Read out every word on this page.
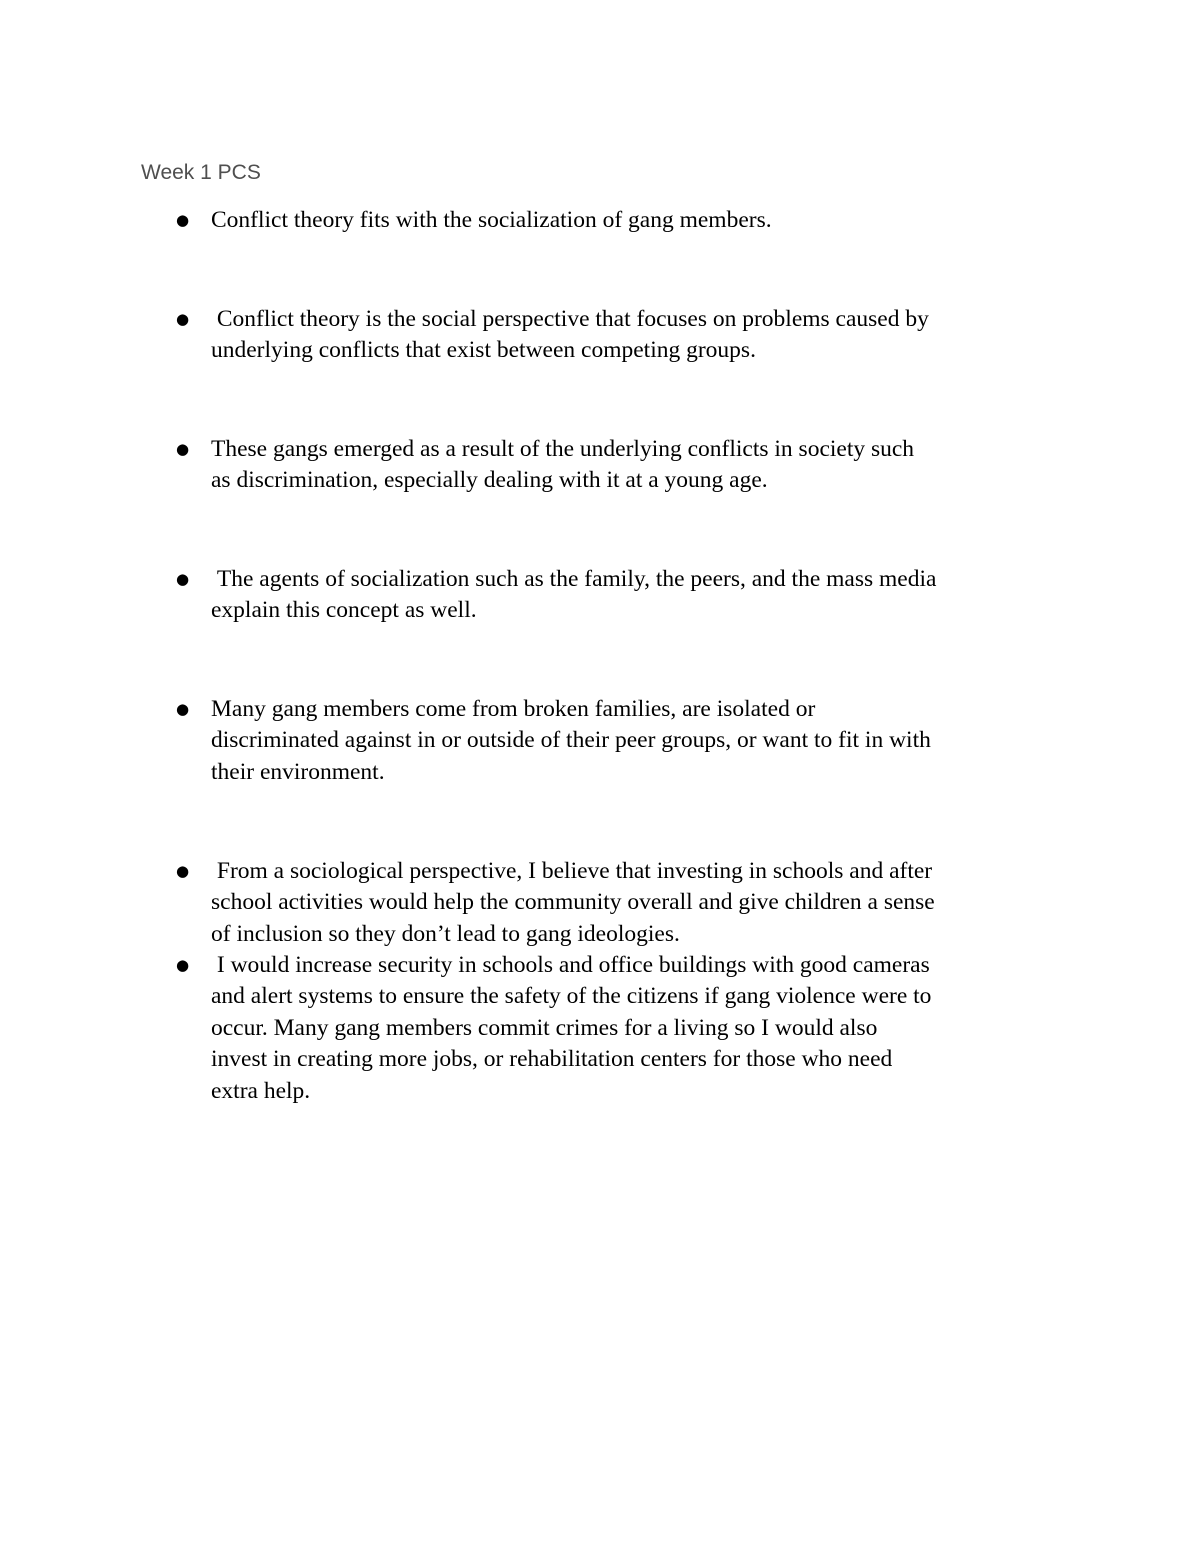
Week 1 PCS
● Conflict theory fits with the socialization of gang members.
● Conflict theory is the social perspective that focuses on problems caused by
underlying conflicts that exist between competing groups.
● These gangs emerged as a result of the underlying conflicts in society such
as discrimination, especially dealing with it at a young age.
● The agents of socialization such as the family, the peers, and the mass media
explain this concept as well.
● Many gang members come from broken families, are isolated or
discriminated against in or outside of their peer groups, or want to fit in with
their environment.
● From a sociological perspective, I believe that investing in schools and after
school activities would help the community overall and give children a sense
of inclusion so they don’t lead to gang ideologies.
● I would increase security in schools and office buildings with good cameras
and alert systems to ensure the safety of the citizens if gang violence were to
occur. Many gang members commit crimes for a living so I would also
invest in creating more jobs, or rehabilitation centers for those who need
extra help.
